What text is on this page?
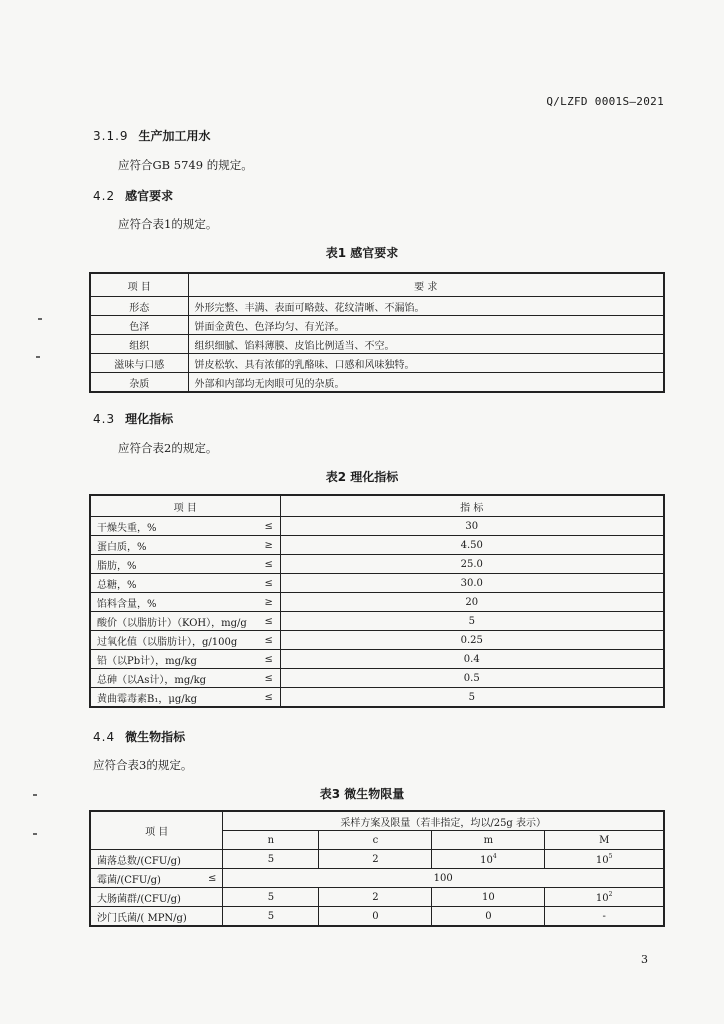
Q/LZFD 0001S—2021
3.1.9 生产加工用水
应符合GB 5749 的规定。
4.2 感官要求
应符合表1的规定。
表1 感官要求
项 目	要 求
形态	外形完整、丰满、表面可略鼓、花纹清晰、不漏馅。
色泽	饼面金黄色、色泽均匀、有光泽。
组织	组织细腻、馅料薄膜、皮馅比例适当、不空。
滋味与口感	饼皮松软、具有浓郁的乳酪味、口感和风味独特。
杂质	外部和内部均无肉眼可见的杂质。
4.3 理化指标
应符合表2的规定。
表2 理化指标
项 目		指 标
干燥失重，%	≤	30
蛋白质，%	≥	4.50
脂肪，%	≤	25.0
总糖，%	≤	30.0
馅料含量，%	≥	20
酸价（以脂肪计）（KOH），mg/g	≤	5
过氧化值（以脂肪计），g/100g	≤	0.25
铅（以Pb计），mg/kg	≤	0.4
总砷（以As计），mg/kg	≤	0.5
黄曲霉毒素B₁，μg/kg	≤	5
4.4 微生物指标
应符合表3的规定。
表3 微生物限量
项 目		采样方案及限量（若非指定，均以/25g 表示）			
		n	c	m	M
菌落总数/(CFU/g)		5	2	$10^4$	$10^5$
霉菌/(CFU/g)	≤	100			
大肠菌群/(CFU/g)		5	2	10	$10^2$
沙门氏菌/( MPN/g)		5	0	0	-
3
